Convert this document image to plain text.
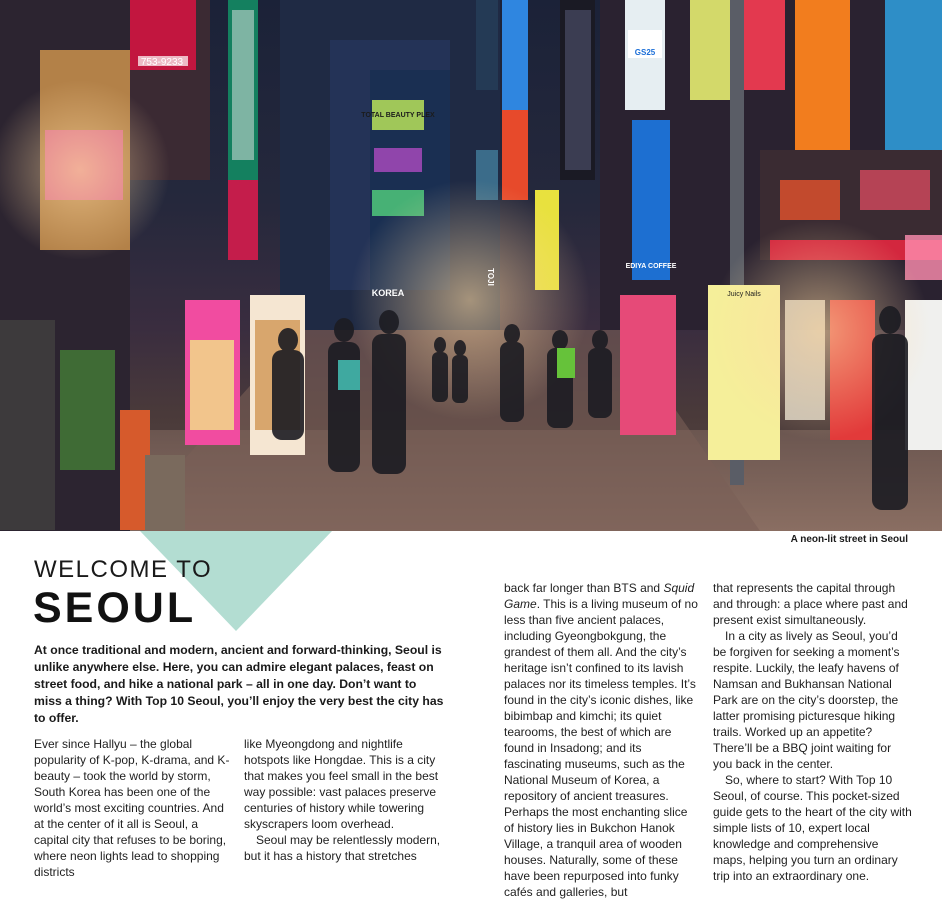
753-9233
TOTAL BEAUTY PLEX
KOREA
EDIYA COFFEE
GS25
Juicy Nails
TOJI
A neon-lit street in Seoul
WELCOME TO
SEOUL
At once traditional and modern, ancient and forward-thinking, Seoul is unlike anywhere else. Here, you can admire elegant palaces, feast on street food, and hike a national park – all in one day. Don’t want to miss a thing? With Top 10 Seoul, you’ll enjoy the very best the city has to offer.

Ever since Hallyu – the global popularity of K-pop, K-drama, and K-beauty – took the world by storm, South Korea has been one of the world’s most exciting countries. And at the center of it all is Seoul, a capital city that refuses to be boring, where neon lights lead to shopping districts

like Myeongdong and nightlife hotspots like Hongdae. This is a city that makes you feel small in the best way possible: vast palaces preserve centuries of history while towering skyscrapers loom overhead.

Seoul may be relentlessly modern, but it has a history that stretches

back far longer than BTS and Squid Game. This is a living museum of no less than five ancient palaces, including Gyeongbokgung, the grandest of them all. And the city’s heritage isn’t confined to its lavish palaces nor its timeless temples. It’s found in the city’s iconic dishes, like bibimbap and kimchi; its quiet tearooms, the best of which are found in Insadong; and its fascinating museums, such as the National Museum of Korea, a repository of ancient treasures. Perhaps the most enchanting slice of history lies in Bukchon Hanok Village, a tranquil area of wooden houses. Naturally, some of these have been repurposed into funky cafés and galleries, but

that represents the capital through and through: a place where past and present exist simultaneously.

In a city as lively as Seoul, you’d be forgiven for seeking a moment’s respite. Luckily, the leafy havens of Namsan and Bukhansan National Park are on the city’s doorstep, the latter promising picturesque hiking trails. Worked up an appetite? There’ll be a BBQ joint waiting for you back in the center.

So, where to start? With Top 10 Seoul, of course. This pocket-sized guide gets to the heart of the city with simple lists of 10, expert local knowledge and comprehensive maps, helping you turn an ordinary trip into an extraordinary one.
